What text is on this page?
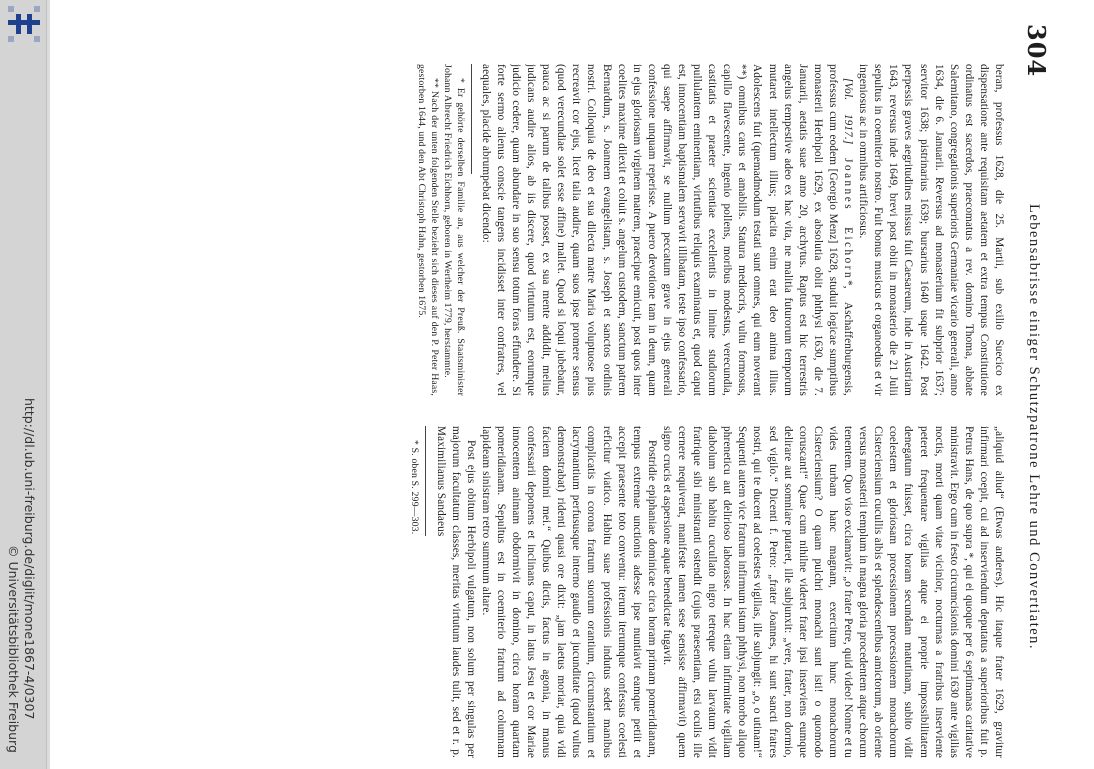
http://dl.ub.uni-freiburg.de/diglit/mone1867-4/0307
© Universitätsbibliothek Freiburg
304
Lebensabrisse einiger Schutzpatrone Lehre und Convertiaten.

beran, professus 1628, die 25. Martii, sub exilio Suecico ex dispensatione ante requisitam aetatem et extra tempus Constitutione ordinatus est sacerdos, praecomatus a rev. domino Thoma, abbate Salemitano, congregationis superioris Germaniae vicario generali, anno 1634, die 6. Januarii. Reversus ad monasterium fit subprior 1637; servitor 1638; pistrinarius 1639; bursarius 1640 usque 1642. Post perpessis graves aegritudines missus fuit Caesareum, inde in Austriam 1643, reversus inde 1649, brevi post obiit in monasterio die 21 Julii sepultus in coemiterio nostro. Fuit bonus musicus et organoedus et vir ingeniosus ac in omnibus artificiosus.

[Vol. 1917.] Joannes Eichorn*, Aschaffenburgensis, professus cum eodem [Georgio Menz] 1628, studuit logicae sumptibus monasterii Herbipoli 1629, ex absolutia obiit phthysi 1630, die 7. Januarii, aetatis suae anno 20, archytus. Raptus est hic terrestris angelus tempestive adeo ex hac vita, ne malitia futurorum temporum mutaret intellectum illius; placita enim erat deo anima illius. Adolescens fuit (quemadmodum testati sunt omnes, qui eum noverant **) omnibus carus et amabilis. Statura mediocris, vultu formosus, capillo flavescente, ingenio pollens, moribus modestus, verecundia, castitatis et praeter scientiae excellentis in limine studiorum pullulantem eminentiam, virtutibus reliquis examinatus et, quod caput est, innocentiam baptismalem servavit illibatam, teste ipso confessario, qui saepe affirmavit, se nullum peccatum grave in ejus generali confessione unquam reperisse. A puero devotione tam in deum, quam in ejus gloriosam virginem matrem, praecipue emicuit, post quos inter coelites maxime dilexit et coluit s. angelum custodem, sanctum patrem Bernardum, s. Joannem evangelistam, s. Joseph et sanctos ordinis nostri. Colloquia de deo et sua dilecta matre Maria voluptuose pius recreavit cor ejus, licet talia audire, quam suos ipse promere sensus (quod verecundiae solet esse affine) mallet. Quod si loqui jubebatur, pauca ac si parum de talibus posset, ex sua mente addidit, melius judicans audire alios, ab iis discere, quod virtutum est, eorumque judicio cedere, quam abundare in suo sensu totum foras effundere. Si forte sermo alienus conscie tangens incidisset inter confratres, vel aequales, placide abrumpebat dicendo:

* Er gehörte derselben Familie an, aus welcher der Preuß. Staatsminister Johann Albrecht Friedrich Eichhorn, geboren in Wertheim 1779, herstammte.

** Nach der unten folgenden Stelle bezieht sich dieses auf den P. Peter Haas, gestorben 1644, und den Abt Christoph Hahn, gestorben 1675.

„aliquid aliud“ (Etwas anderes). Hic itaque frater 1629, gravitur infirmari coepit, cui ad inserviendum deputatus a superioribus fuit p. Petrus Hans, de quo supra *, qui ei quoque per 6 septimanas caritative ministravit. Ergo cum in festo circumcisionis domini 1630 ante vigilias noctis, morti quam vitae vicinior, nocturnas a fratribus inserviente peteret frequentare vigilias atque ei proprie impossibilitatem denegatum fuisset, circa horam secundam matutinam, subito vidit coelestem et gloriosam processionem processionem monachorum Cisterciensium cucullis albis et splendescentibus amictorum, ab oriente versus monasterii templum in magna gloria procedentem atque chorum tenentem. Quo viso exclamavit: „o frater Petre, quid video! Nonne et tu vides turbam hanc magnam, exercitum hunc monachorum Cisterciensium? O quam pulchri monachi sunt isti! o quomodo coruscant!“ Quae cum nihilne videret frater ipsi inserviens eumque delirare aut somniare putaret, ille subjunxit: „vere, frater, non dormio, sed vigilo.“ Dicenti f. Petro: „frater Joannes, hi sunt sancti fratres nostri, qui te ducent ad coelestes vigilias, ille subjungit: „o, o utinam!“ Sequenti autem vice fratrum infirmum istum phthysi, non morbo aliquo phreneticu aut delirioso laborasse. In hac etiam infirmitate vigiliam diabolum sub habitu cucullato nigro tetreque vultu larvatum vidit fratrique sibi ministranti ostendit (cujus praesentiam, etsi oculis ille cernere nequiverat, manifeste tamen sese sensisse affirmavit) quem signo crucis et aspersione aquae benedictae fugavit.

Postridie epiphaniae dominicae circa horam primam pomeridianam, tempus extremae unctionis adesse ipse nuntiavit eamque petiit et accepit praesente toto conventu: iterum iterumque confessus coelesti reficitur viatico. Habitu suae professionis indutus sedet manibus complicatis in corona fratrum suorum orantium, circumstantium et lacrymantium perfususque interno gaudio et jucunditate (quod vultus demonstrabat) ridenti quasi ore dixit: „jam laetus moriar, quia vidi faciem domini mei.“ Quibus dictis, factus in agonia, in manus confessarii deponens et inclinans caput, in latus Jesu et cor Mariae innocentem animam obdormivit in domino, circa horam quartam pomeridianam. Sepultus est in coemiterio fratrum ad columnam lapideam sinistram retro summum altare.

Post ejus obitum Herbipoli vulgatum, non solum per singulas per majorum facultatum classes, meritas virtutum laudes tulit, sed et r. p. Maximilianus Sandaeus

* S. oben S. 299—303.
